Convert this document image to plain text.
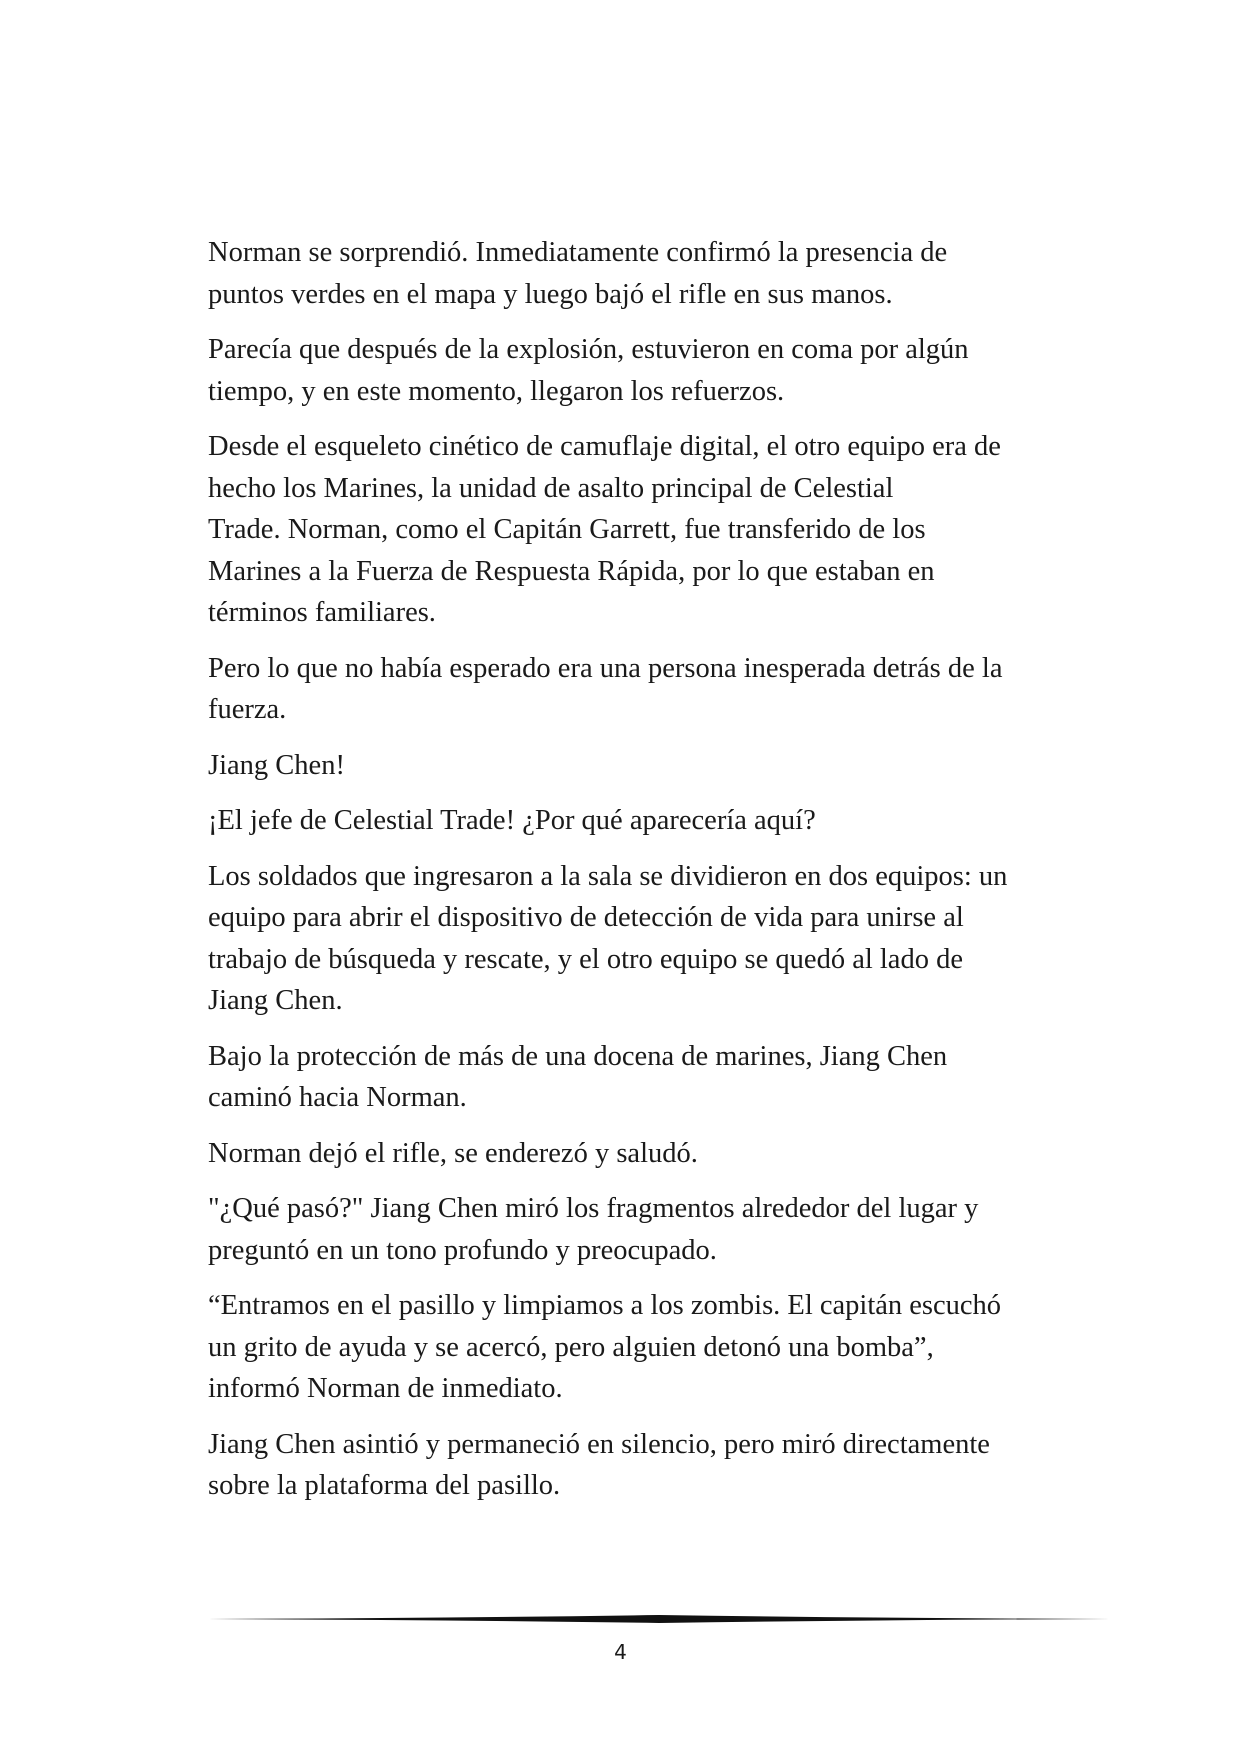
Norman se sorprendió. Inmediatamente confirmó la presencia de
puntos verdes en el mapa y luego bajó el rifle en sus manos.

Parecía que después de la explosión, estuvieron en coma por algún
tiempo, y en este momento, llegaron los refuerzos.

Desde el esqueleto cinético de camuflaje digital, el otro equipo era de
hecho los Marines, la unidad de asalto principal de Celestial
Trade. Norman, como el Capitán Garrett, fue transferido de los
Marines a la Fuerza de Respuesta Rápida, por lo que estaban en
términos familiares.

Pero lo que no había esperado era una persona inesperada detrás de la
fuerza.

Jiang Chen!

¡El jefe de Celestial Trade! ¿Por qué aparecería aquí?

Los soldados que ingresaron a la sala se dividieron en dos equipos: un
equipo para abrir el dispositivo de detección de vida para unirse al
trabajo de búsqueda y rescate, y el otro equipo se quedó al lado de
Jiang Chen.

Bajo la protección de más de una docena de marines, Jiang Chen
caminó hacia Norman.

Norman dejó el rifle, se enderezó y saludó.

"¿Qué pasó?" Jiang Chen miró los fragmentos alrededor del lugar y
preguntó en un tono profundo y preocupado.

“Entramos en el pasillo y limpiamos a los zombis. El capitán escuchó
un grito de ayuda y se acercó, pero alguien detonó una bomba”,
informó Norman de inmediato.

Jiang Chen asintió y permaneció en silencio, pero miró directamente
sobre la plataforma del pasillo.

4
